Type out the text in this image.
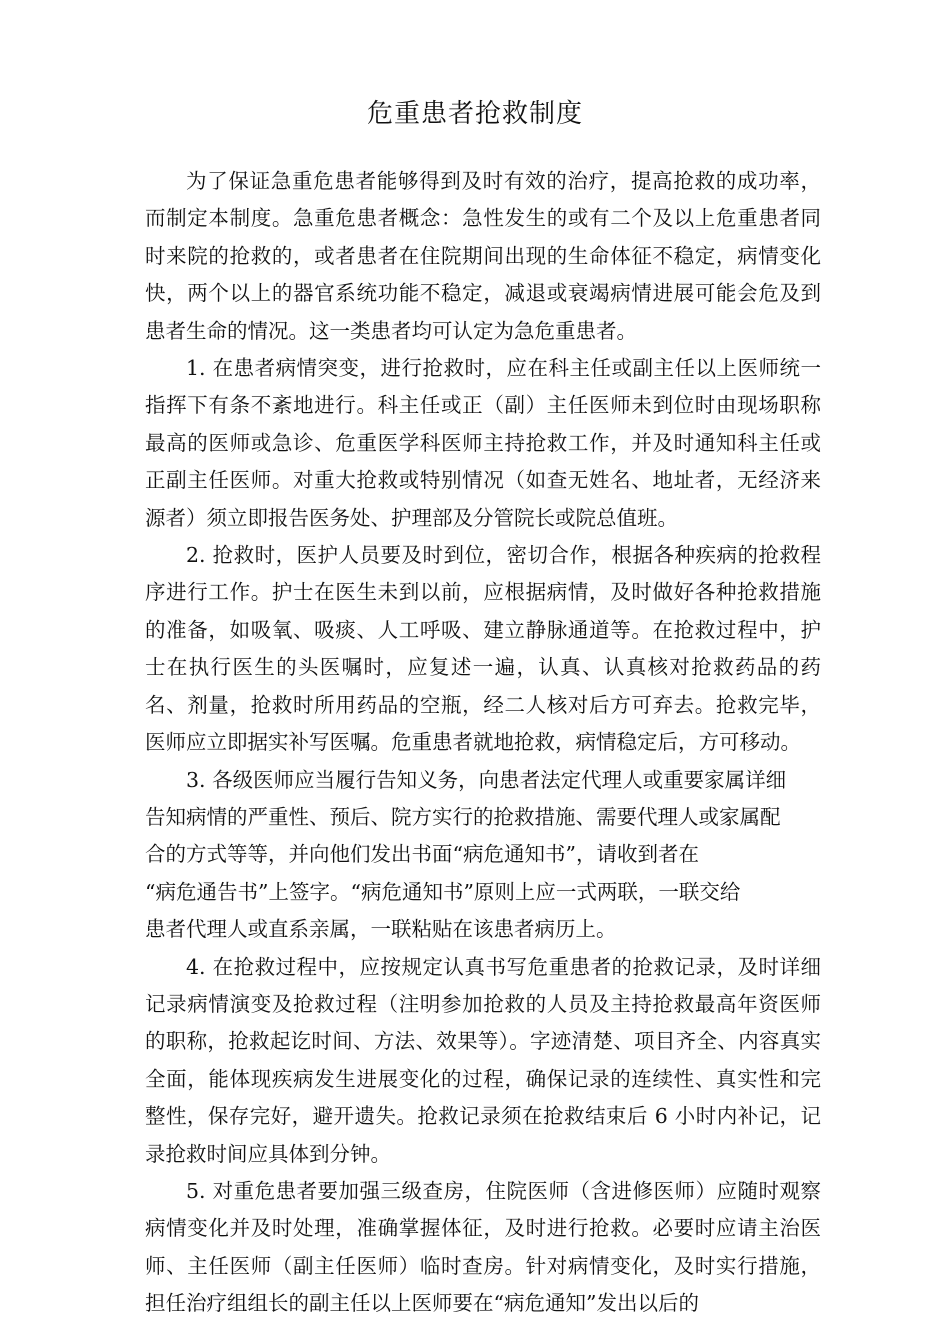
危重患者抢救制度

为了保证急重危患者能够得到及时有效的治疗，提高抢救的成功率，而制定本制度。急重危患者概念：急性发生的或有二个及以上危重患者同时来院的抢救的，或者患者在住院期间出现的生命体征不稳定，病情变化快，两个以上的器官系统功能不稳定，减退或衰竭病情进展可能会危及到患者生命的情况。这一类患者均可认定为急危重患者。

1. 在患者病情突变，进行抢救时，应在科主任或副主任以上医师统一指挥下有条不紊地进行。科主任或正（副）主任医师未到位时由现场职称最高的医师或急诊、危重医学科医师主持抢救工作，并及时通知科主任或正副主任医师。对重大抢救或特别情况（如查无姓名、地址者，无经济来源者）须立即报告医务处、护理部及分管院长或院总值班。

2. 抢救时，医护人员要及时到位，密切合作，根据各种疾病的抢救程序进行工作。护士在医生未到以前，应根据病情，及时做好各种抢救措施的准备，如吸氧、吸痰、人工呼吸、建立静脉通道等。在抢救过程中，护士在执行医生的头医嘱时，应复述一遍，认真、认真核对抢救药品的药名、剂量，抢救时所用药品的空瓶，经二人核对后方可弃去。抢救完毕，医师应立即据实补写医嘱。危重患者就地抢救，病情稳定后，方可移动。

3. 各级医师应当履行告知义务，向患者法定代理人或重要家属详细
告知病情的严重性、预后、院方实行的抢救措施、需要代理人或家属配
合的方式等等，并向他们发出书面“病危通知书”，请收到者在
“病危通告书”上签字。“病危通知书”原则上应一式两联，一联交给
患者代理人或直系亲属，一联粘贴在该患者病历上。

4. 在抢救过程中，应按规定认真书写危重患者的抢救记录，及时详细记录病情演变及抢救过程（注明参加抢救的人员及主持抢救最高年资医师的职称，抢救起讫时间、方法、效果等）。字迹清楚、项目齐全、内容真实全面，能体现疾病发生进展变化的过程，确保记录的连续性、真实性和完整性，保存完好，避开遗失。抢救记录须在抢救结束后 6 小时内补记，记录抢救时间应具体到分钟。

5. 对重危患者要加强三级查房，住院医师（含进修医师）应随时观察病情变化并及时处理，准确掌握体征，及时进行抢救。必要时应请主治医师、主任医师（副主任医师）临时查房。针对病情变化，及时实行措施，担任治疗组组长的副主任以上医师要在“病危通知”发出以后的
